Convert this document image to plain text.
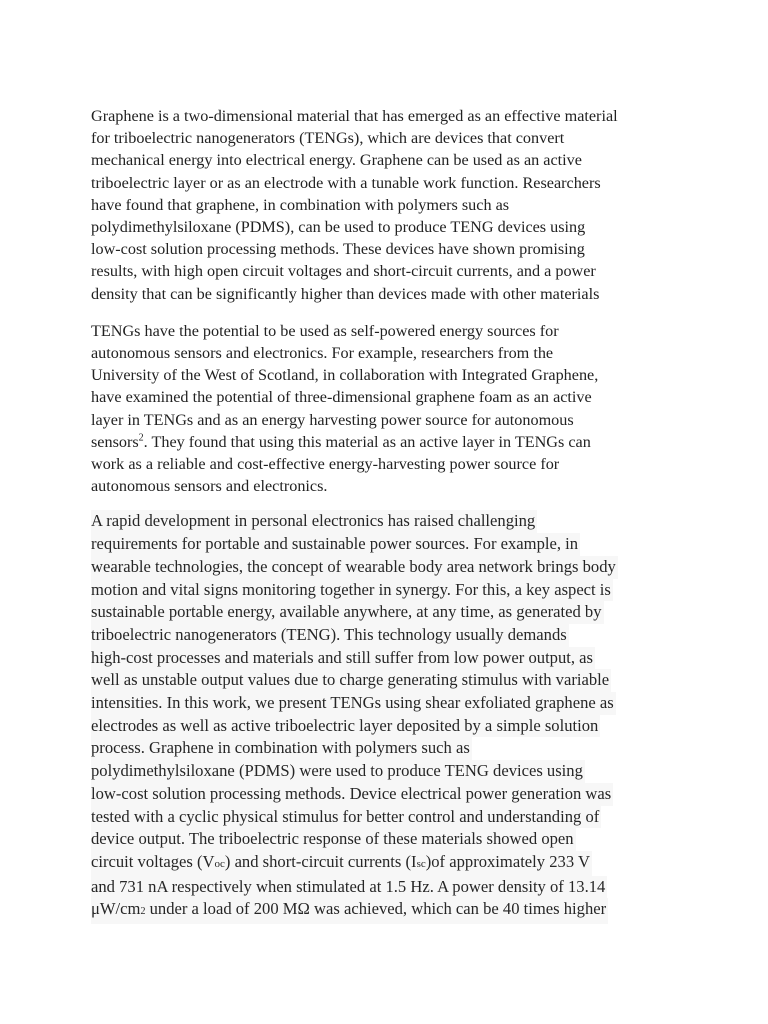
Graphene is a two-dimensional material that has emerged as an effective material
for triboelectric nanogenerators (TENGs), which are devices that convert
mechanical energy into electrical energy. Graphene can be used as an active
triboelectric layer or as an electrode with a tunable work function. Researchers
have found that graphene, in combination with polymers such as
polydimethylsiloxane (PDMS), can be used to produce TENG devices using
low-cost solution processing methods. These devices have shown promising
results, with high open circuit voltages and short-circuit currents, and a power
density that can be significantly higher than devices made with other materials

TENGs have the potential to be used as self-powered energy sources for
autonomous sensors and electronics. For example, researchers from the
University of the West of Scotland, in collaboration with Integrated Graphene,
have examined the potential of three-dimensional graphene foam as an active
layer in TENGs and as an energy harvesting power source for autonomous
sensors$^2$. They found that using this material as an active layer in TENGs can
work as a reliable and cost-effective energy-harvesting power source for
autonomous sensors and electronics.

A rapid development in personal electronics has raised challenging
requirements for portable and sustainable power sources. For example, in
wearable technologies, the concept of wearable body area network brings body
motion and vital signs monitoring together in synergy. For this, a key aspect is
sustainable portable energy, available anywhere, at any time, as generated by
triboelectric nanogenerators (TENG). This technology usually demands
high-cost processes and materials and still suffer from low power output, as
well as unstable output values due to charge generating stimulus with variable
intensities. In this work, we present TENGs using shear exfoliated graphene as
electrodes as well as active triboelectric layer deposited by a simple solution
process. Graphene in combination with polymers such as
polydimethylsiloxane (PDMS) were used to produce TENG devices using
low-cost solution processing methods. Device electrical power generation was
tested with a cyclic physical stimulus for better control and understanding of
device output. The triboelectric response of these materials showed open
circuit voltages (Voc) and short-circuit currents (Isc)of approximately 233 V
and 731 nA respectively when stimulated at 1.5 Hz. A power density of 13.14
μW/cm2 under a load of 200 MΩ was achieved, which can be 40 times higher
